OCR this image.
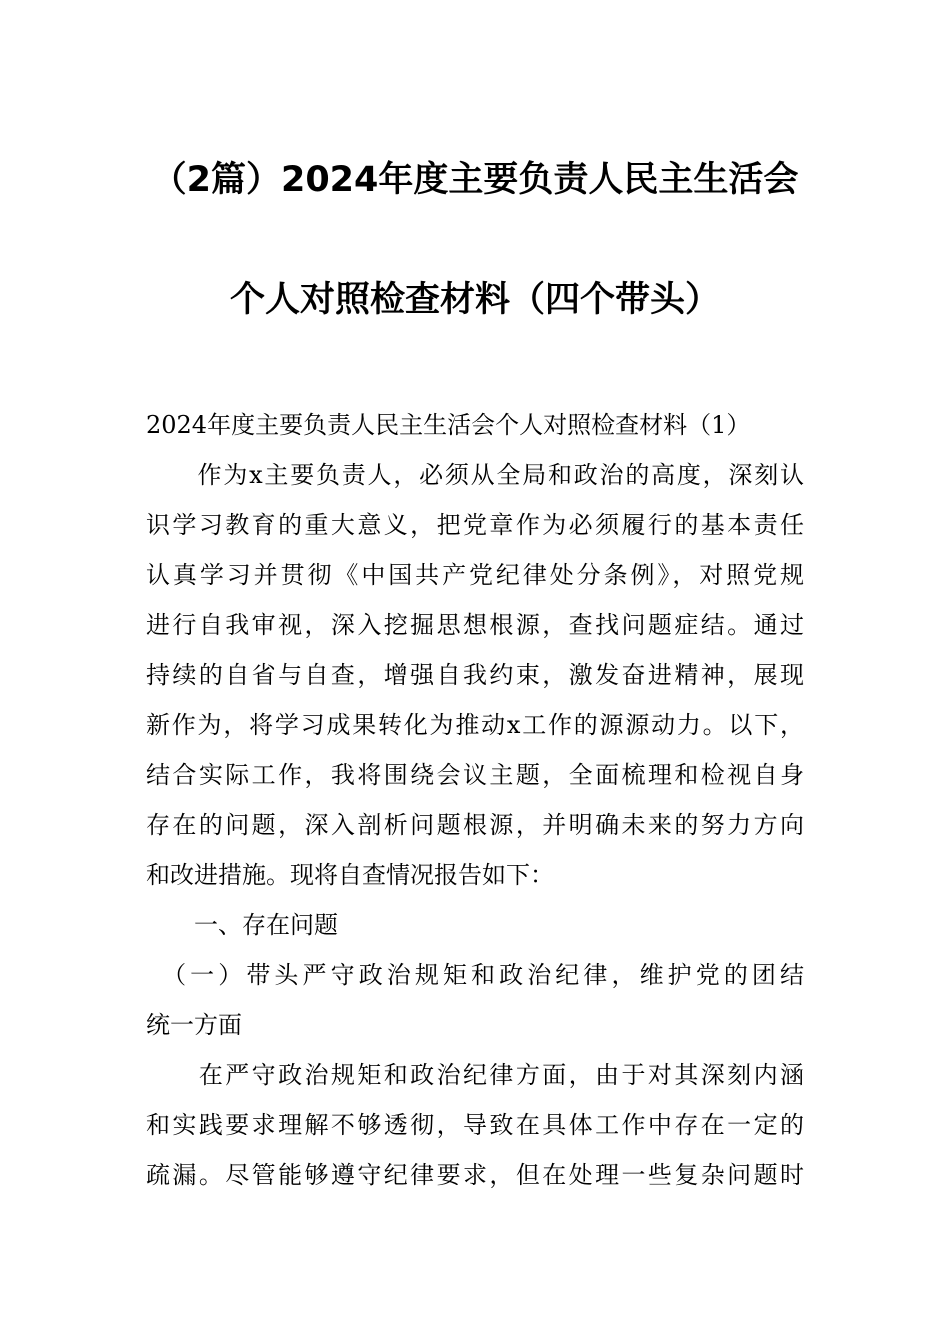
（2篇）2024年度主要负责人民主生活会
个人对照检查材料（四个带头）
2024年度主要负责人民主生活会个人对照检查材料（1）
　　作为x主要负责人，必须从全局和政治的高度，深刻认
识学习教育的重大意义，把党章作为必须履行的基本责任
认真学习并贯彻《中国共产党纪律处分条例》，对照党规
进行自我审视，深入挖掘思想根源，查找问题症结。通过
持续的自省与自查，增强自我约束，激发奋进精神，展现
新作为，将学习成果转化为推动x工作的源源动力。以下，
结合实际工作，我将围绕会议主题，全面梳理和检视自身
存在的问题，深入剖析问题根源，并明确未来的努力方向
和改进措施。现将自查情况报告如下：
　　一、存在问题
　（一）带头严守政治规矩和政治纪律，维护党的团结
统一方面
　　在严守政治规矩和政治纪律方面，由于对其深刻内涵
和实践要求理解不够透彻，导致在具体工作中存在一定的
疏漏。尽管能够遵守纪律要求，但在处理一些复杂问题时
